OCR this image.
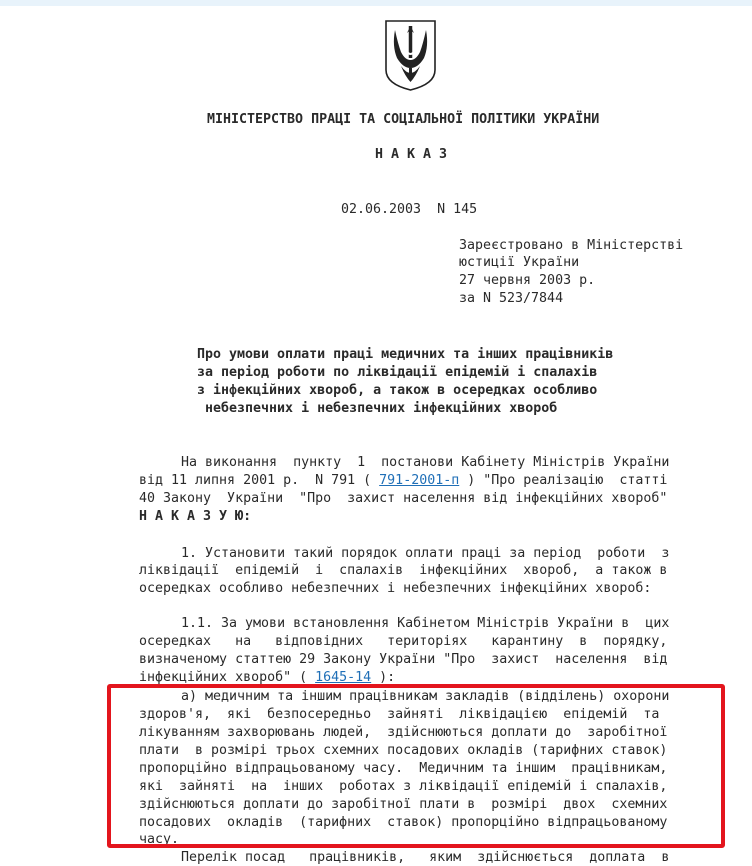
МІНІСТЕРСТВО ПРАЦІ ТА СОЦІАЛЬНОЇ ПОЛІТИКИ УКРАЇНИ
Н А К А З
02.06.2003  N 145
Зареєстровано в Міністерстві
юстиції України
27 червня 2003 р.
за N 523/7844
Про умови оплати праці медичних та інших працівників
за період роботи по ліквідації епідемій і спалахів
з інфекційних хвороб, а також в осередках особливо
небезпечних і небезпечних інфекційних хвороб
На виконання  пункту  1  постанови Кабінету Міністрів України
від 11 липня 2001 р.  N 791 ( 791-2001-п ) "Про реалізацію  статті
40 Закону  України  "Про  захист населення від інфекційних хвороб"
Н А К А З У Ю:
1. Установити такий порядок оплати праці за період  роботи  з
ліквідації  епідемій  і  спалахів  інфекційних  хвороб,  а також в
осередках особливо небезпечних і небезпечних інфекційних хвороб:
1.1. За умови встановлення Кабінетом Міністрів України в  цих
осередках   на   відповідних   територіях   карантину  в  порядку,
визначеному статтею 29 Закону України "Про  захист  населення  від
інфекційних хвороб" ( 1645-14 ):
а) медичним та іншим працівникам закладів (відділень) охорони
здоров'я,  які  безпосередньо  зайняті  ліквідацією  епідемій  та
лікуванням захворювань людей,  здійснюються доплати до  заробітної
плати  в розмірі трьох схемних посадових окладів (тарифних ставок)
пропорційно відпрацьованому часу.  Медичним та іншим  працівникам,
які  зайняті  на  інших  роботах з ліквідації епідемій і спалахів,
здійснюються доплати до заробітної плати в  розмірі  двох  схемних
посадових  окладів  (тарифних  ставок) пропорційно відпрацьованому
часу.
Перелік посад   працівників,   яким  здійснюється  доплата  в
